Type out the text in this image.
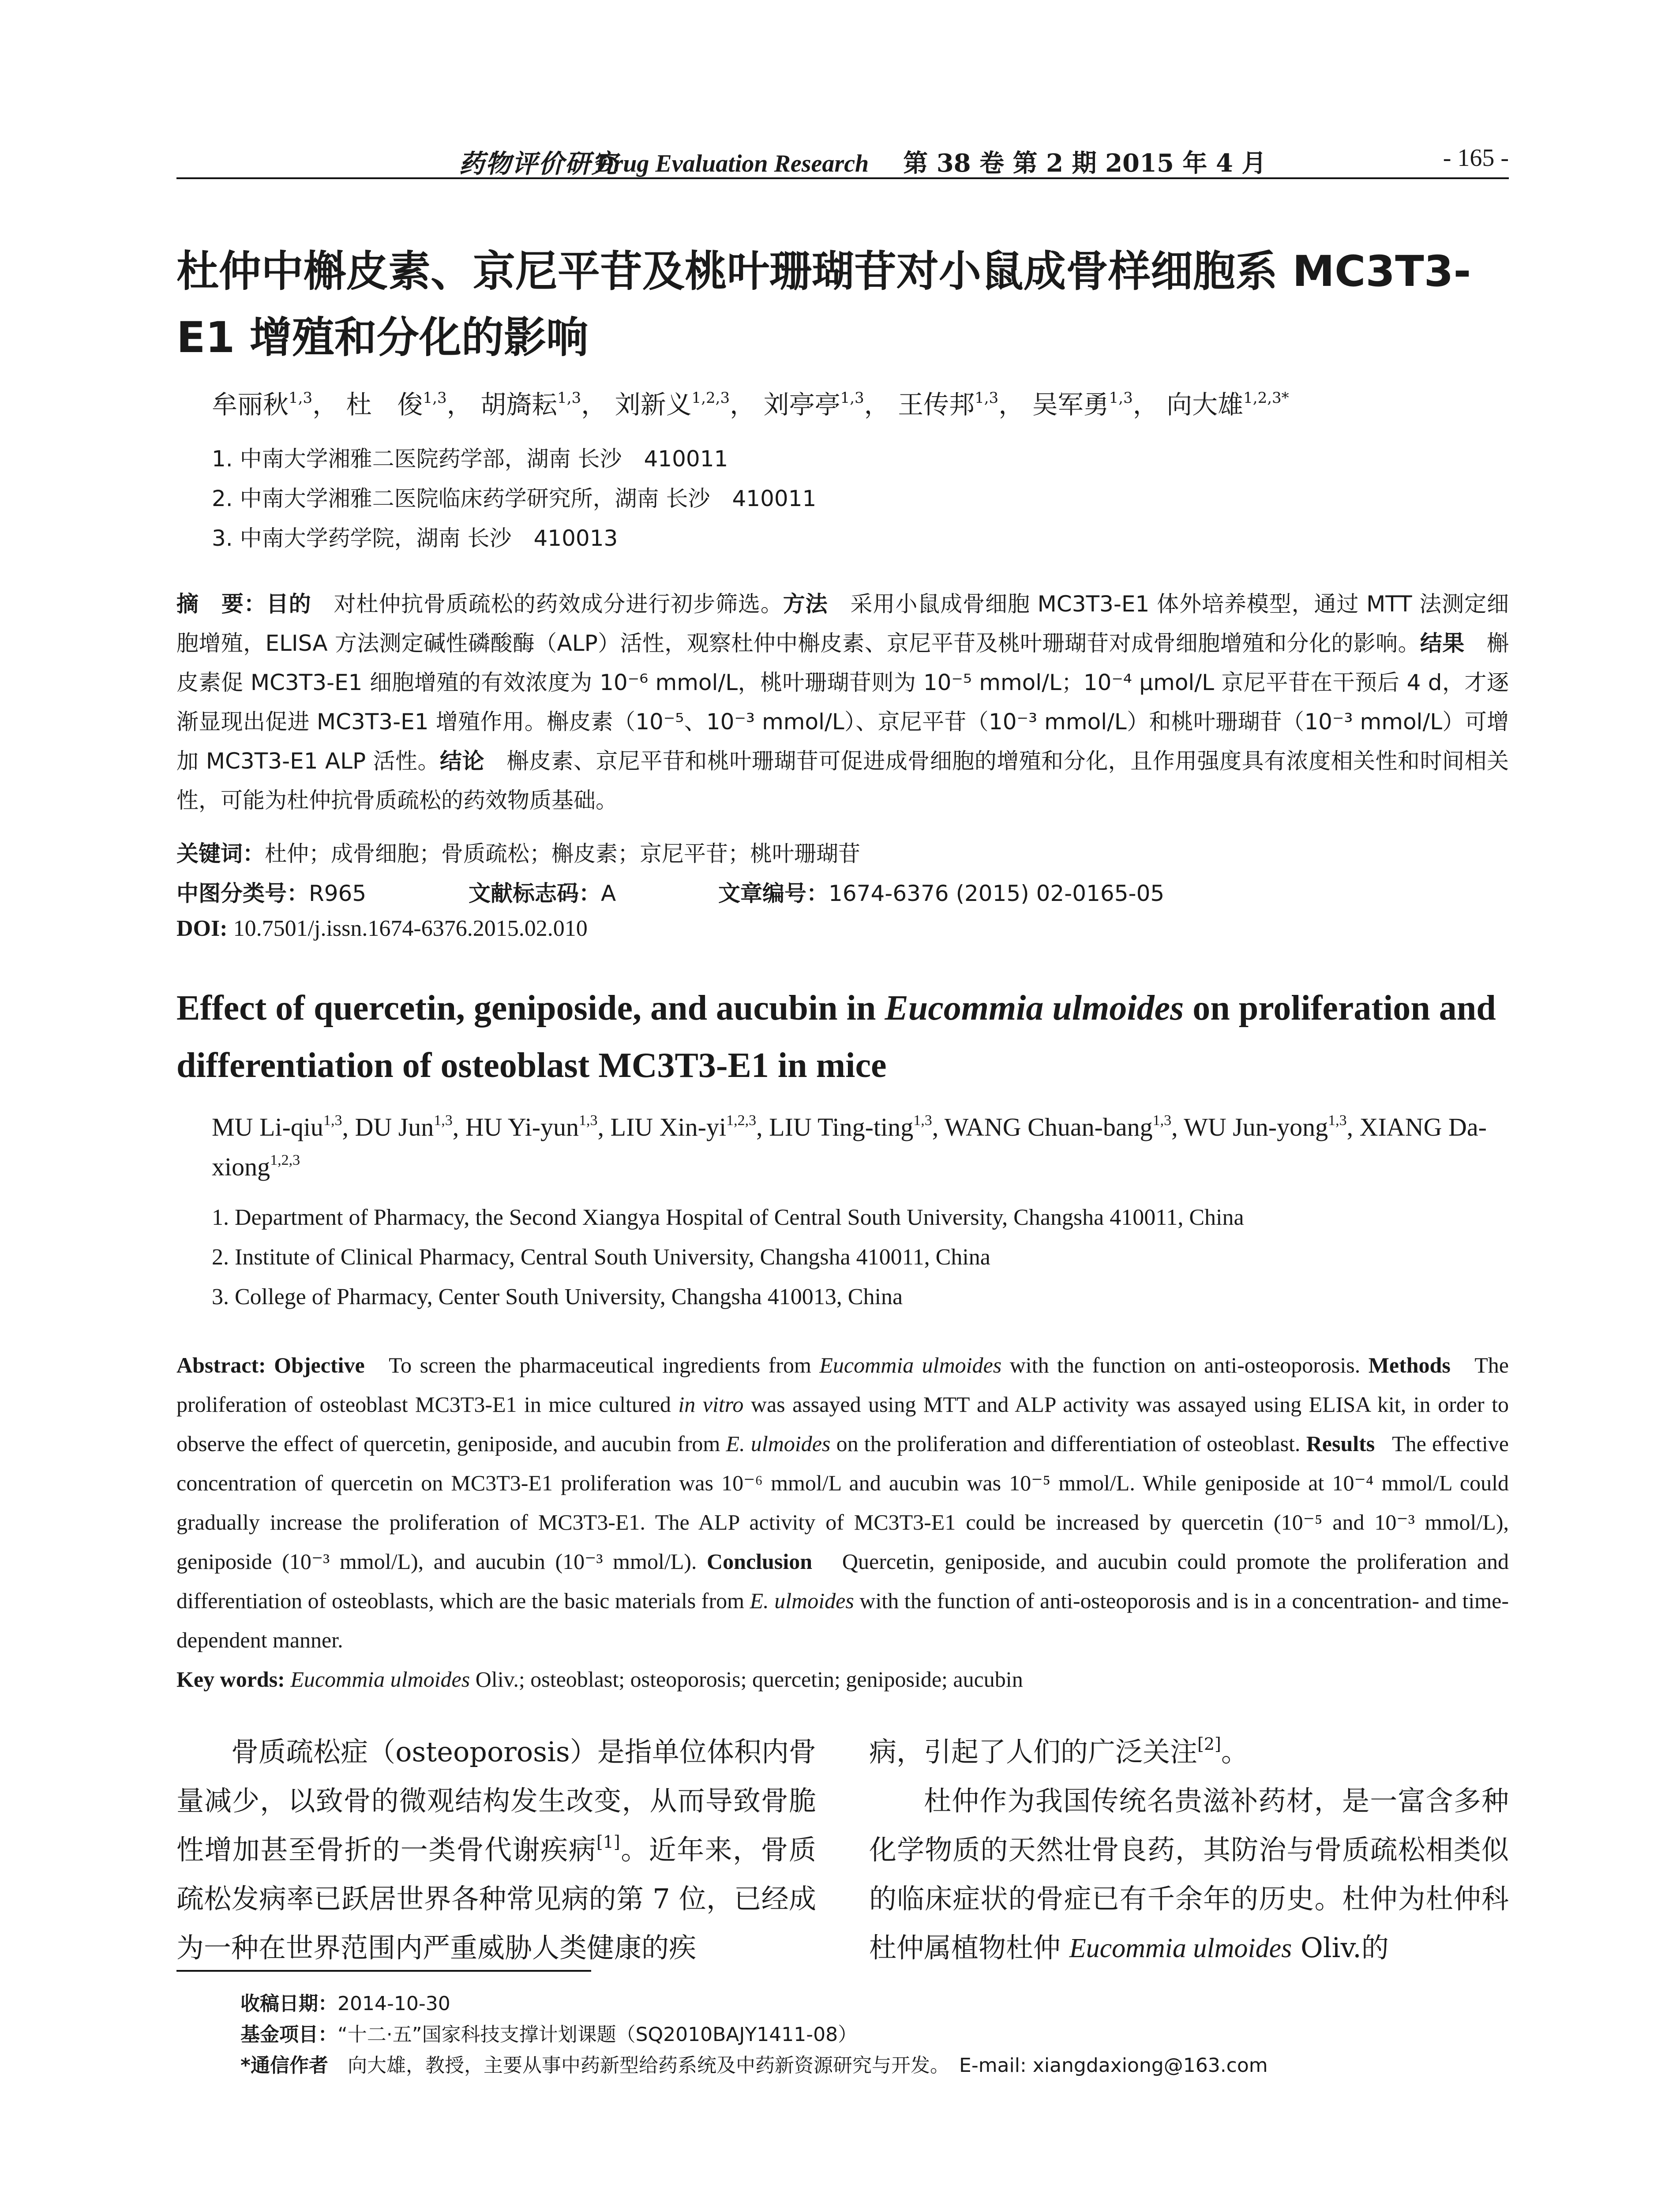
药物评价研究
Drug Evaluation Research 第 38 卷 第 2 期 2015 年 4 月	- 165 -
杜仲中槲皮素、京尼平苷及桃叶珊瑚苷对小鼠成骨样细胞系 MC3T3-E1 增殖和分化的影响
牟丽秋$^{1,3}$， 杜　俊$^{1,3}$， 胡旖耘$^{1,3}$， 刘新义$^{1,2,3}$， 刘亭亭$^{1,3}$， 王传邦$^{1,3}$， 吴军勇$^{1,3}$， 向大雄$^{1,2,3*}$
1. 中南大学湘雅二医院药学部，湖南 长沙　410011
2. 中南大学湘雅二医院临床药学研究所，湖南 长沙　410011
3. 中南大学药学院，湖南 长沙　410013
摘　要：目的　 对杜仲抗骨质疏松的药效成分进行初步筛选。方法　 采用小鼠成骨细胞 MC3T3-E1 体外培养模型，通过 MTT 法测定细胞增殖，ELISA 方法测定碱性磷酸酶（ALP）活性，观察杜仲中槲皮素、京尼平苷及桃叶珊瑚苷对成骨细胞增殖和分化的影响。结果　 槲皮素促 MC3T3-E1 细胞增殖的有效浓度为 10⁻⁶ mmol/L，桃叶珊瑚苷则为 10⁻⁵ mmol/L；10⁻⁴ μmol/L 京尼平苷在干预后 4 d，才逐渐显现出促进 MC3T3-E1 增殖作用。槲皮素（10⁻⁵、10⁻³ mmol/L）、京尼平苷（10⁻³ mmol/L）和桃叶珊瑚苷（10⁻³ mmol/L）可增加 MC3T3-E1 ALP 活性。结论　 槲皮素、京尼平苷和桃叶珊瑚苷可促进成骨细胞的增殖和分化，且作用强度具有浓度相关性和时间相关性，可能为杜仲抗骨质疏松的药效物质基础。
关键词：杜仲；成骨细胞；骨质疏松；槲皮素；京尼平苷；桃叶珊瑚苷
中图分类号：R965	文献标志码：A	文章编号：1674-6376 (2015) 02-0165-05
DOI: 10.7501/j.issn.1674-6376.2015.02.010
Effect of quercetin, geniposide, and aucubin in Eucommia ulmoides on proliferation and differentiation of osteoblast MC3T3-E1 in mice
MU Li-qiu$^{1,3}$, DU Jun$^{1,3}$, HU Yi-yun$^{1,3}$, LIU Xin-yi$^{1,2,3}$, LIU Ting-ting$^{1,3}$, WANG Chuan-bang$^{1,3}$, WU Jun-yong$^{1,3}$, XIANG Da-xiong$^{1,2,3}$
1. Department of Pharmacy, the Second Xiangya Hospital of Central South University, Changsha 410011, China
2. Institute of Clinical Pharmacy, Central South University, Changsha 410011, China
3. College of Pharmacy, Center South University, Changsha 410013, China
Abstract: Objective To screen the pharmaceutical ingredients from Eucommia ulmoides with the function on anti-osteoporosis. Methods The proliferation of osteoblast MC3T3-E1 in mice cultured in vitro was assayed using MTT and ALP activity was assayed using ELISA kit, in order to observe the effect of quercetin, geniposide, and aucubin from E. ulmoides on the proliferation and differentiation of osteoblast. Results The effective concentration of quercetin on MC3T3-E1 proliferation was 10⁻⁶ mmol/L and aucubin was 10⁻⁵ mmol/L. While geniposide at 10⁻⁴ mmol/L could gradually increase the proliferation of MC3T3-E1. The ALP activity of MC3T3-E1 could be increased by quercetin (10⁻⁵ and 10⁻³ mmol/L), geniposide (10⁻³ mmol/L), and aucubin (10⁻³ mmol/L). Conclusion Quercetin, geniposide, and aucubin could promote the proliferation and differentiation of osteoblasts, which are the basic materials from E. ulmoides with the function of anti-osteoporosis and is in a concentration- and time-dependent manner.
Key words: Eucommia ulmoides Oliv.; osteoblast; osteoporosis; quercetin; geniposide; aucubin

骨质疏松症（osteoporosis）是指单位体积内骨量减少，以致骨的微观结构发生改变，从而导致骨脆性增加甚至骨折的一类骨代谢疾病[1]。近年来，骨质疏松发病率已跃居世界各种常见病的第 7 位，已经成为一种在世界范围内严重威胁人类健康的疾

病，引起了人们的广泛关注[2]。

杜仲作为我国传统名贵滋补药材，是一富含多种化学物质的天然壮骨良药，其防治与骨质疏松相类似的临床症状的骨症已有千余年的历史。杜仲为杜仲科杜仲属植物杜仲 Eucommia ulmoides Oliv.的

收稿日期：2014-10-30
基金项目：“十二·五”国家科技支撑计划课题（SQ2010BAJY1411-08）
*通信作者　向大雄，教授，主要从事中药新型给药系统及中药新资源研究与开发。　E-mail: xiangdaxiong@163.com
